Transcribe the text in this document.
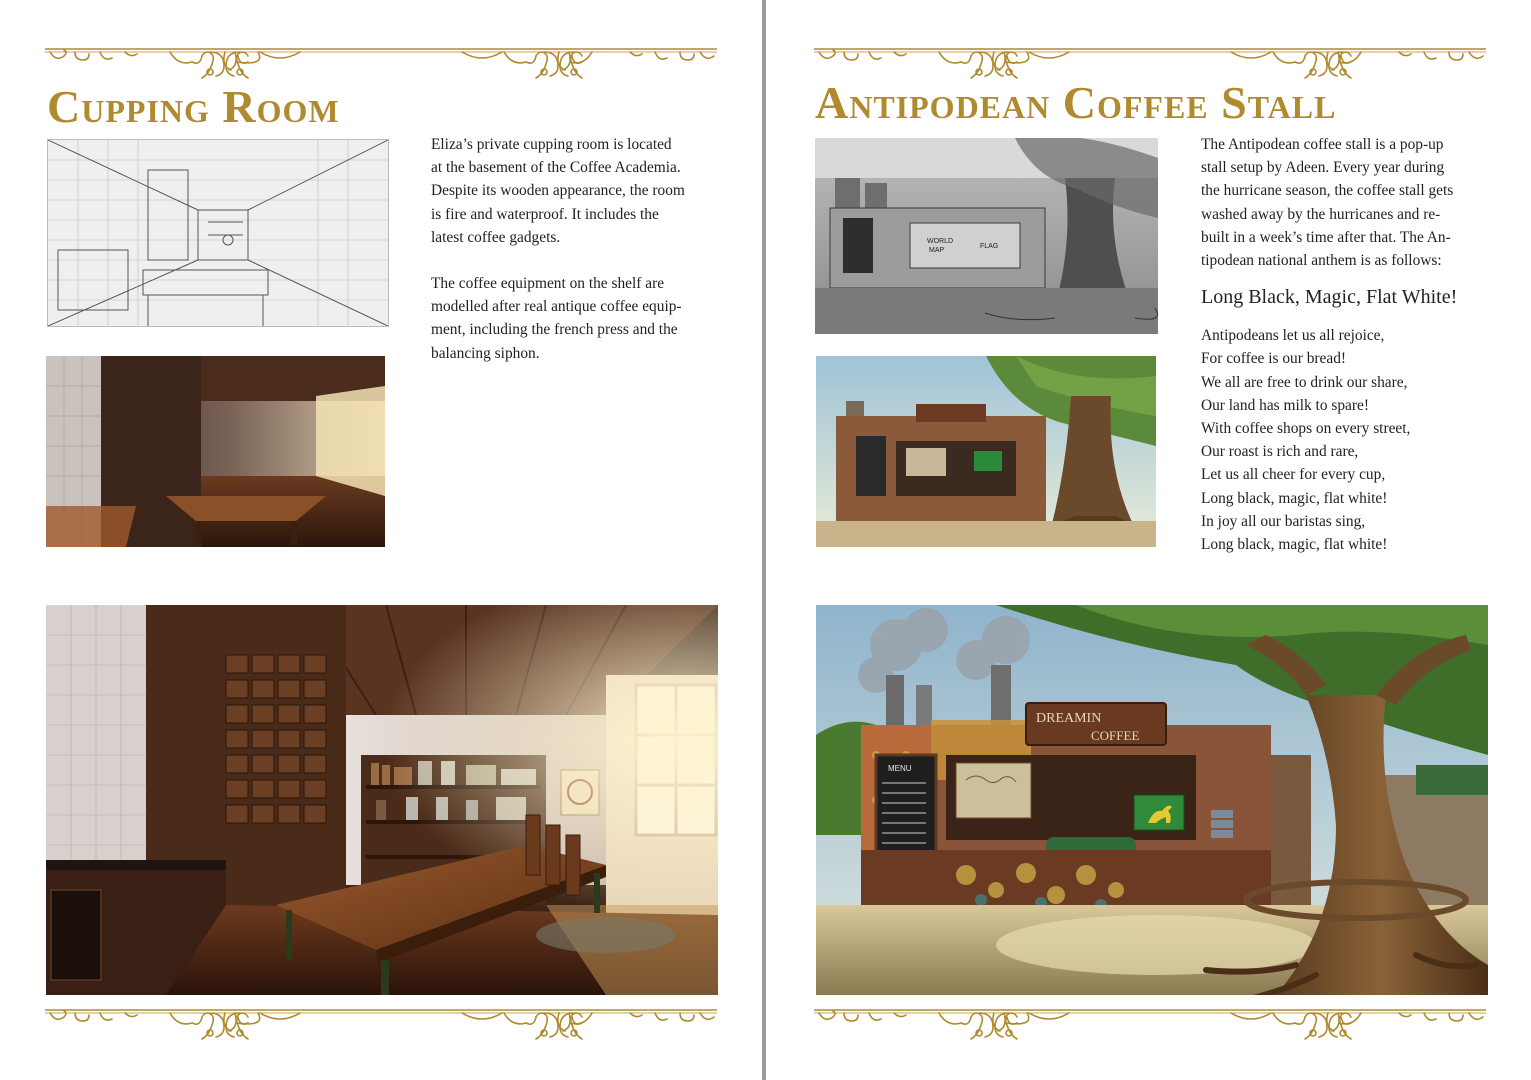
Cupping Room

Eliza’s private cupping room is located
at the basement of the Coffee Academia.
Despite its wooden appearance, the room
is fire and waterproof. It includes the
latest coffee gadgets.

The coffee equipment on the shelf are
modelled after real antique coffee equip-
ment, including the french press and the
balancing siphon.

Antipodean Coffee Stall
WORLD
MAP
FLAG

The Antipodean coffee stall is a pop-up
stall setup by Adeen. Every year during
the hurricane season, the coffee stall gets
washed away by the hurricanes and re-
built in a week’s time after that. The An-
tipodean national anthem is as follows:

Long Black, Magic, Flat White!

Antipodeans let us all rejoice,
For coffee is our bread!
We all are free to drink our share,
Our land has milk to spare!
With coffee shops on every street,
Our roast is rich and rare,
Let us all cheer for every cup,
Long black, magic, flat white!
In joy all our baristas sing,
Long black, magic, flat white!

DREAMIN
COFFEE
MENU
